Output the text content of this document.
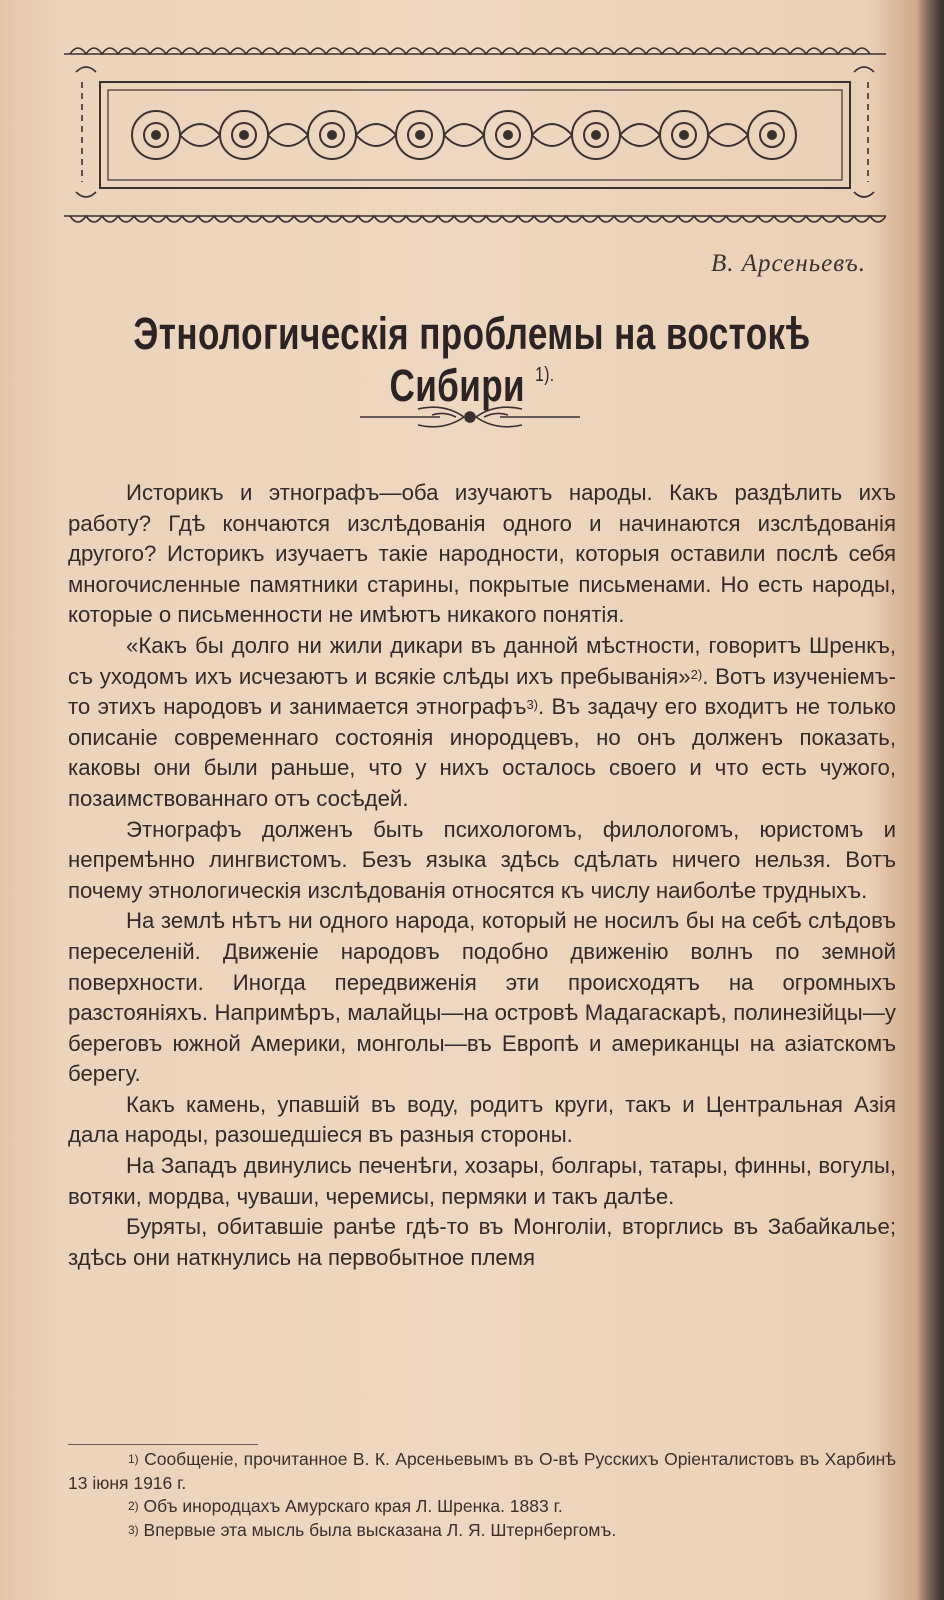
В. Арсеньевъ.
Этнологическія проблемы на востокѣ Сибири $^{1).}$

Историкъ и этнографъ—оба изучаютъ народы. Какъ раздѣлить ихъ работу? Гдѣ кончаются изслѣдованія одного и начинаются изслѣдованія другого? Историкъ изучаетъ такіе народности, которыя оставили послѣ себя многочисленные памятники старины, покрытые письменами. Но есть народы, которые о письменности не имѣютъ никакого понятія.

«Какъ бы долго ни жили дикари въ данной мѣстности, говоритъ Шренкъ, съ уходомъ ихъ исчезаютъ и всякіе слѣды ихъ пребыванія»$^{2)}$. Вотъ изученіемъ-то этихъ народовъ и занимается этнографъ$^{3)}$. Въ задачу его входитъ не только описаніе современнаго состоянія инородцевъ, но онъ долженъ показать, каковы они были раньше, что у нихъ осталось своего и что есть чужого, позаимствованнаго отъ сосѣдей.

Этнографъ долженъ быть психологомъ, филологомъ, юристомъ и непремѣнно лингвистомъ. Безъ языка здѣсь сдѣлать ничего нельзя. Вотъ почему этнологическія изслѣдованія относятся къ числу наиболѣе трудныхъ.

На землѣ нѣтъ ни одного народа, который не носилъ бы на себѣ слѣдовъ переселеній. Движеніе народовъ подобно движенію волнъ по земной поверхности. Иногда передвиженія эти происходятъ на огромныхъ разстояніяхъ. Напримѣръ, малайцы—на островѣ Мадагаскарѣ, полинезійцы—у береговъ южной Америки, монголы—въ Европѣ и американцы на азіатскомъ берегу.

Какъ камень, упавшій въ воду, родитъ круги, такъ и Центральная Азія дала народы, разошедшіеся въ разныя стороны.

На Западъ двинулись печенѣги, хозары, болгары, татары, финны, вогулы, вотяки, мордва, чуваши, черемисы, пермяки и такъ далѣе.

Буряты, обитавшіе ранѣе гдѣ-то въ Монголіи, вторглись въ Забайкалье; здѣсь они наткнулись на первобытное племя

$^{1)}$ Сообщеніе, прочитанное В. К. Арсеньевымъ въ О-вѣ Русскихъ Оріенталистовъ въ Харбинѣ 13 іюня 1916 г.

$^{2)}$ Объ инородцахъ Амурскаго края Л. Шренка. 1883 г.

$^{3)}$ Впервые эта мысль была высказана Л. Я. Штернбергомъ.
